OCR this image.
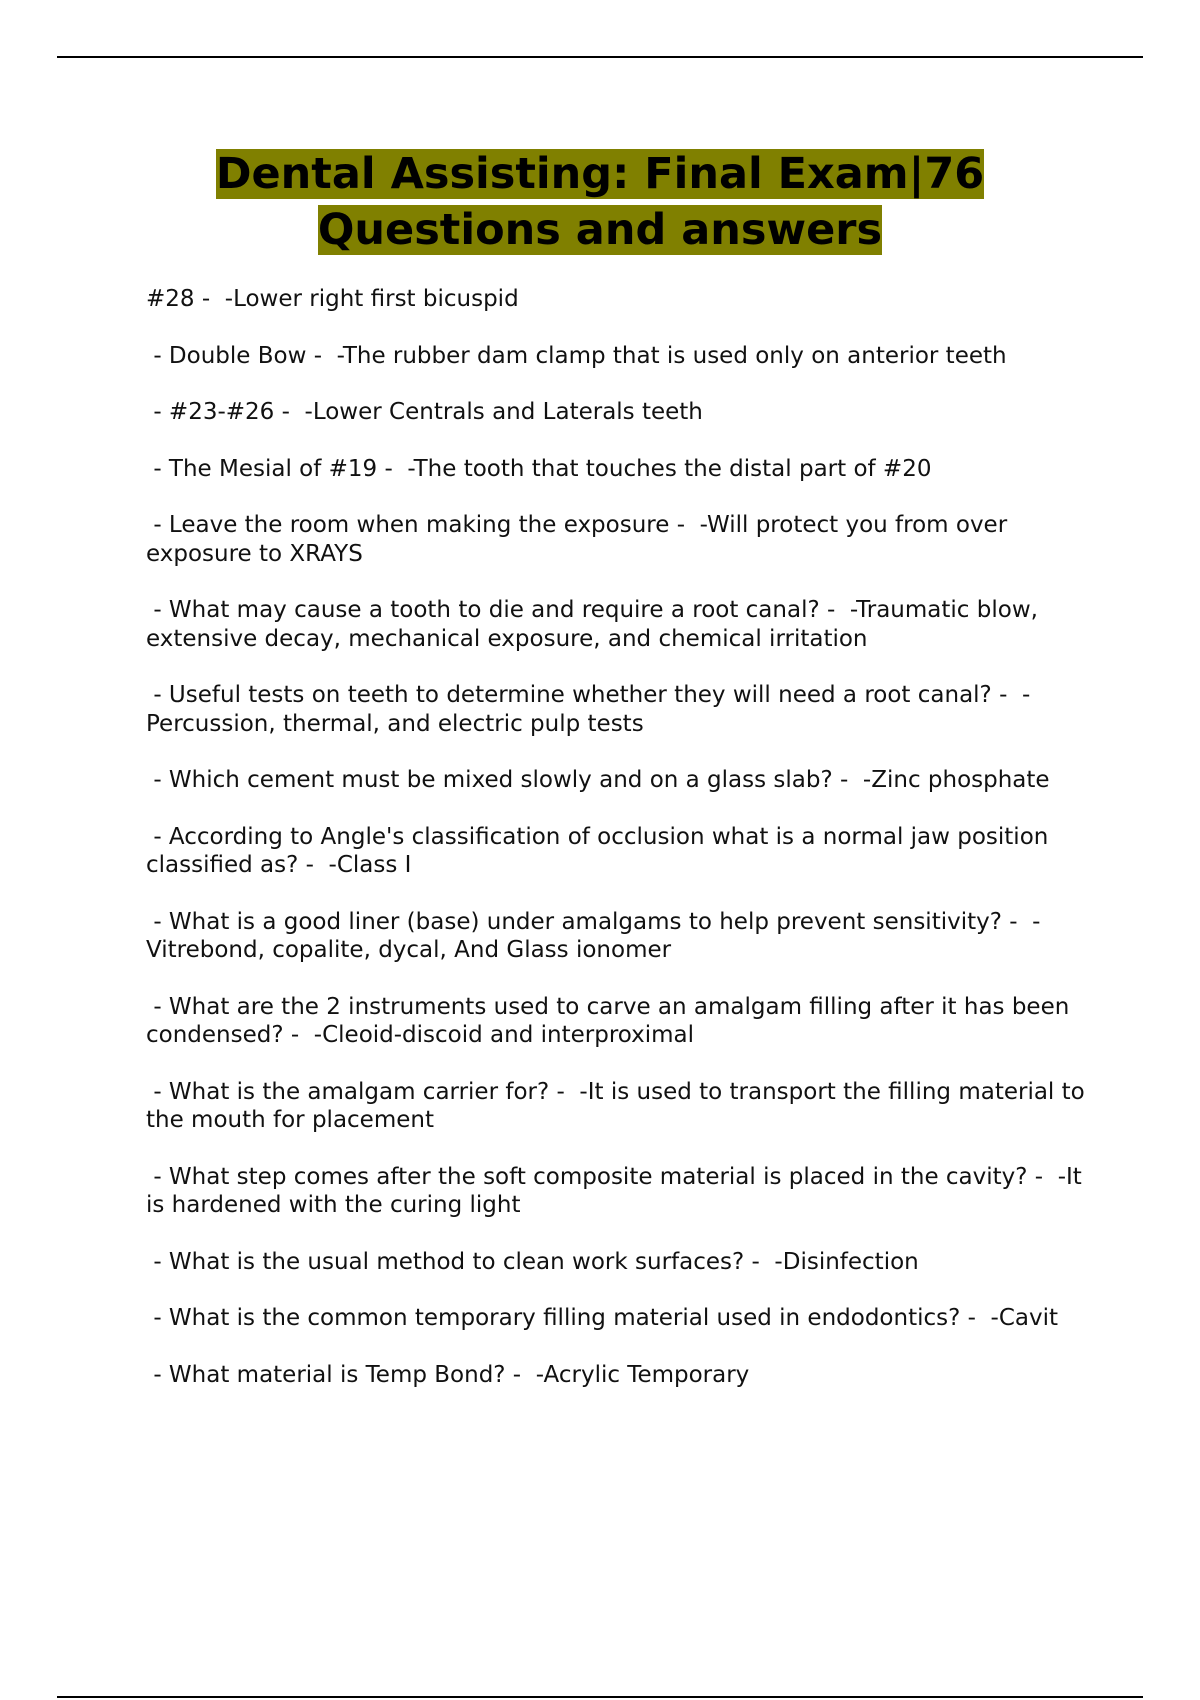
Dental Assisting: Final Exam|76
Questions and answers

#28 -  -Lower right first bicuspid

- Double Bow -  -The rubber dam clamp that is used only on anterior teeth

- #23-#26 -  -Lower Centrals and Laterals teeth

- The Mesial of #19 -  -The tooth that touches the distal part of #20

- Leave the room when making the exposure -  -Will protect you from over exposure to XRAYS

- What may cause a tooth to die and require a root canal? -  -Traumatic blow, extensive decay, mechanical exposure, and chemical irritation

- Useful tests on teeth to determine whether they will need a root canal? -  -Percussion, thermal, and electric pulp tests

- Which cement must be mixed slowly and on a glass slab? -  -Zinc phosphate

- According to Angle's classification of occlusion what is a normal jaw position classified as? -  -Class I

- What is a good liner (base) under amalgams to help prevent sensitivity? -  -Vitrebond, copalite, dycal, And Glass ionomer

- What are the 2 instruments used to carve an amalgam filling after it has been condensed? -  -Cleoid-discoid and interproximal

- What is the amalgam carrier for? -  -It is used to transport the filling material to the mouth for placement

- What step comes after the soft composite material is placed in the cavity? -  -It is hardened with the curing light

- What is the usual method to clean work surfaces? -  -Disinfection

- What is the common temporary filling material used in endodontics? -  -Cavit

- What material is Temp Bond? -  -Acrylic Temporary
